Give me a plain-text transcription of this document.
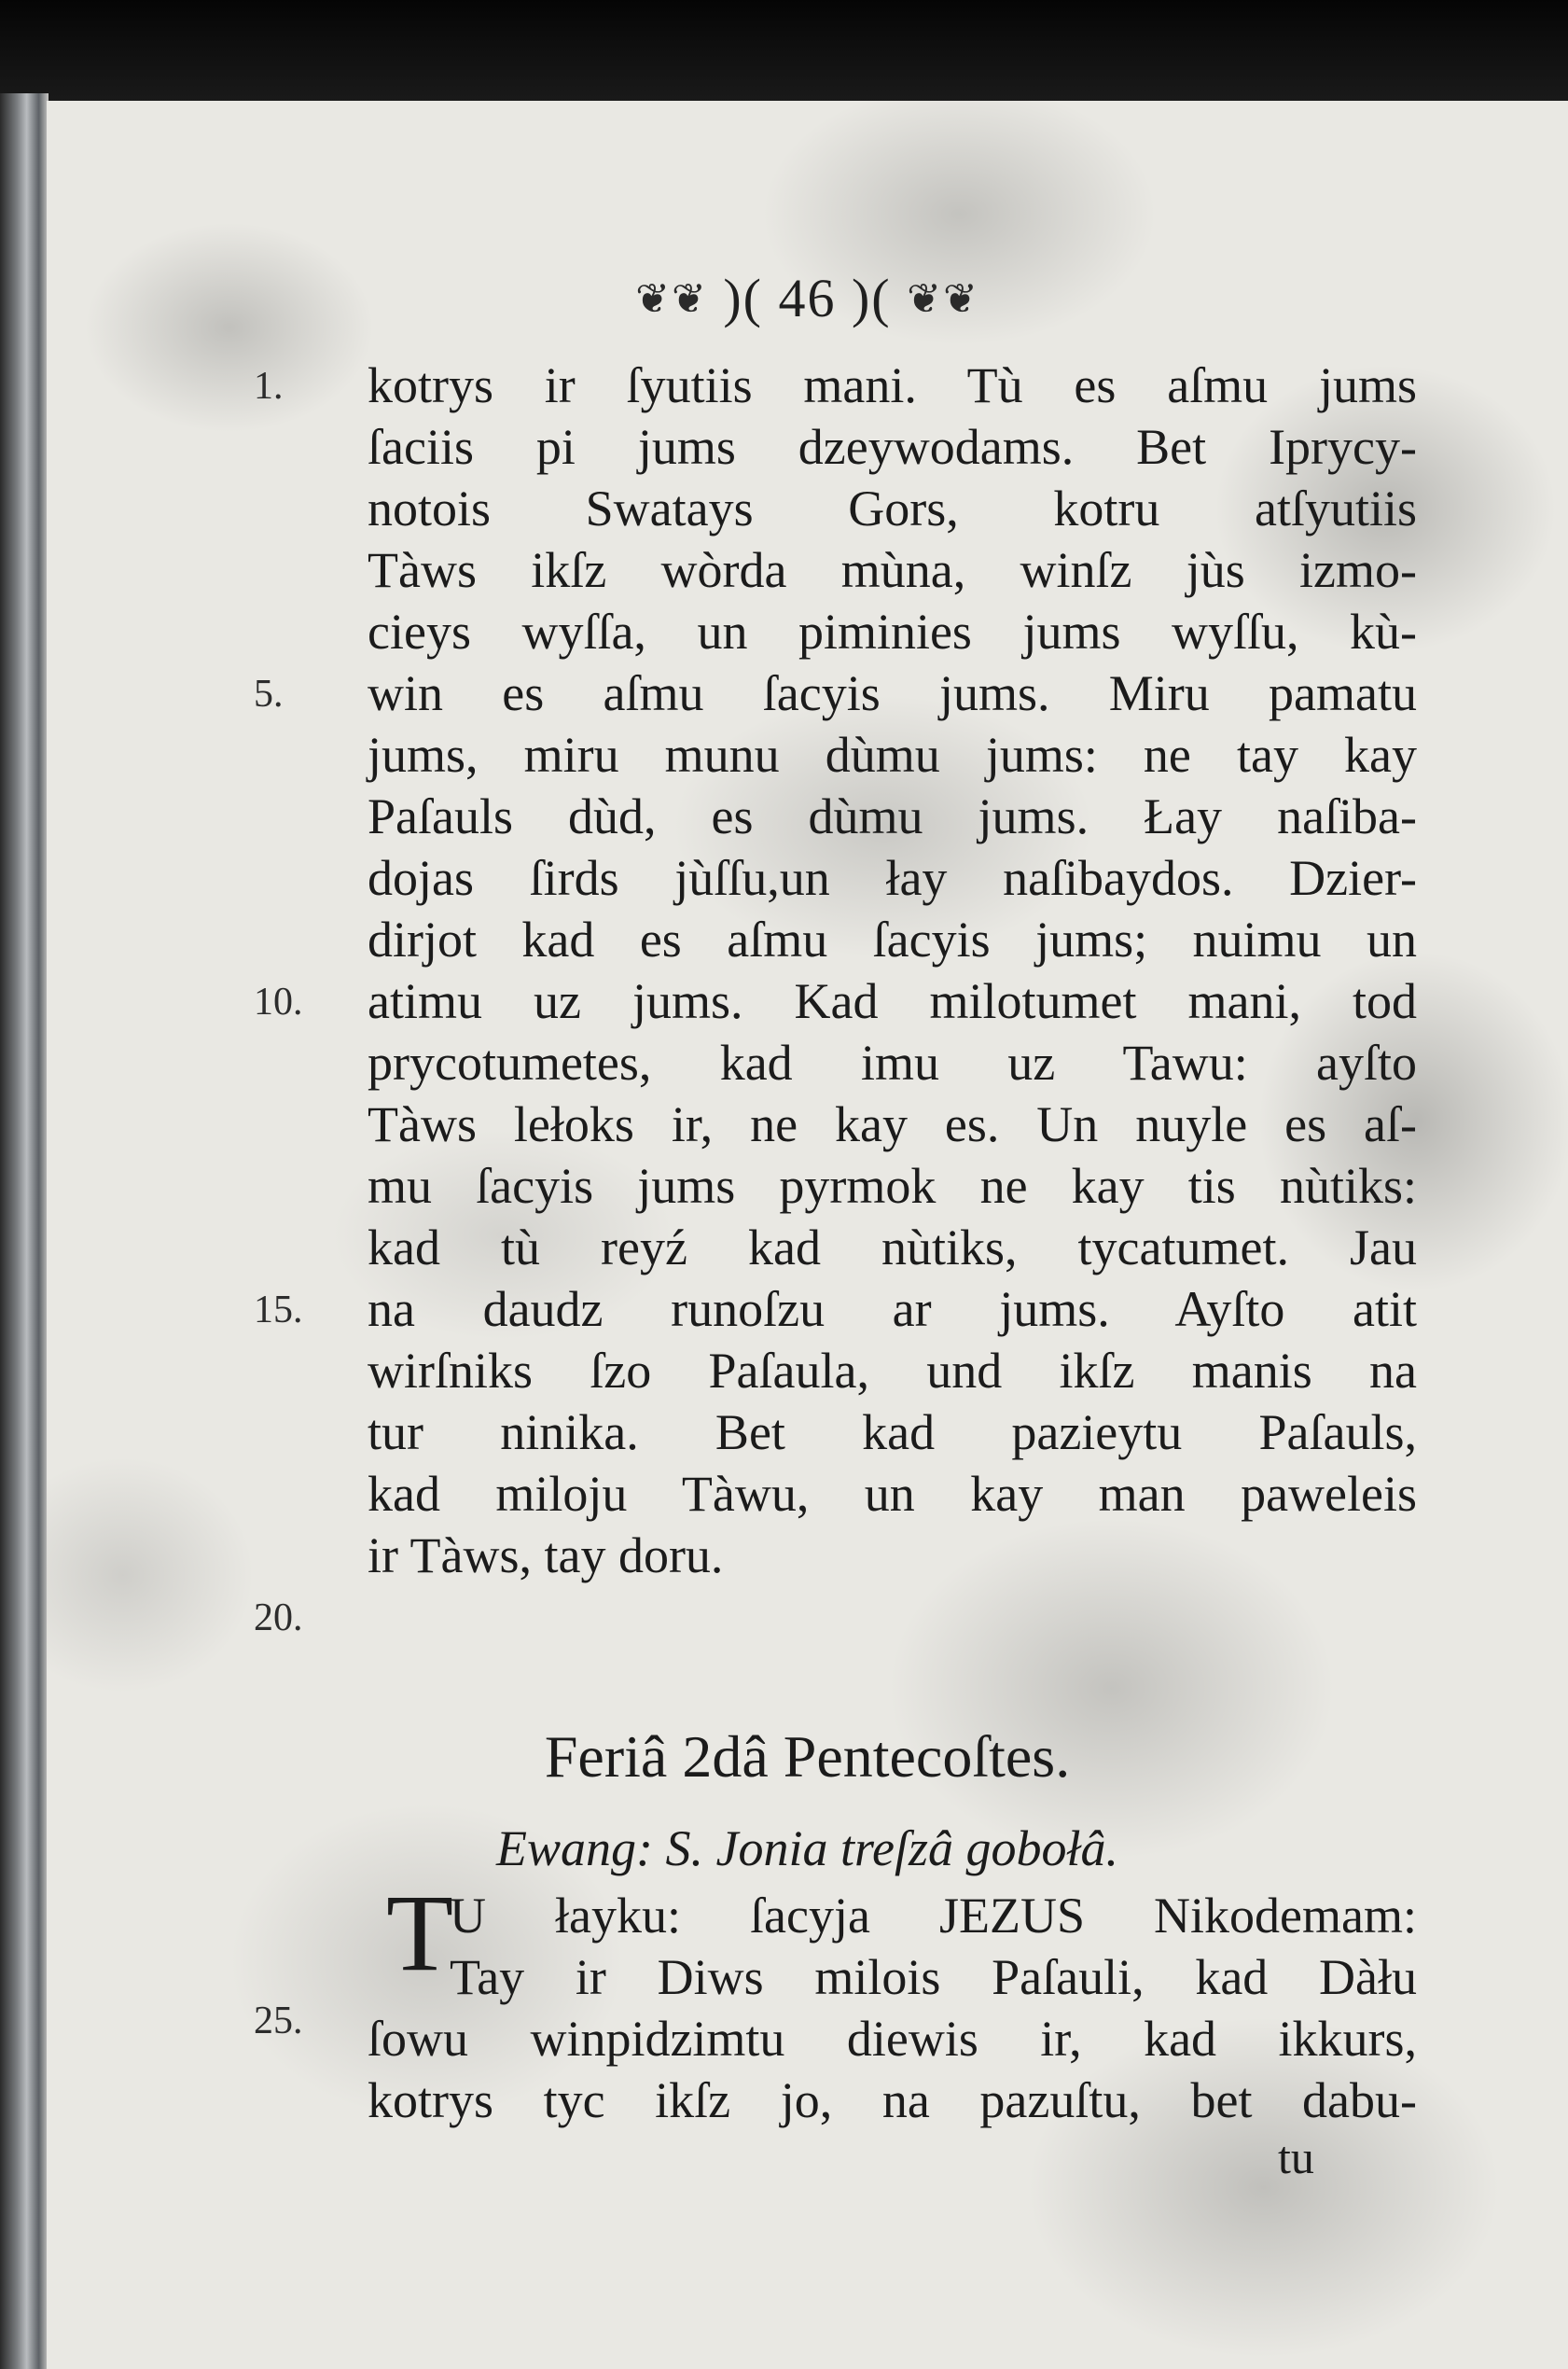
❦❦ )( 46 )( ❦❦
1.
5.
10.
15.
20.
25.
kotrys ir ſyutiis mani. Tù es aſmu jums
ſaciis pi jums dzeywodams. Bet Iprycy-
notois Swatays Gors, kotru atſyutiis
Tàws ikſz wòrda mùna, winſz jùs izmo-
cieys wyſſa, un piminies jums wyſſu, kù-
win es aſmu ſacyis jums. Miru pamatu
jums, miru munu dùmu jums: ne tay kay
Paſauls dùd, es dùmu jums. Łay naſiba-
dojas ſirds jùſſu,un łay naſibaydos. Dzier-
dirjot kad es aſmu ſacyis jums; nuimu un
atimu uz jums. Kad milotumet mani, tod
prycotumetes, kad imu uz Tawu: ayſto
Tàws lełoks ir, ne kay es. Un nuyle es aſ-
mu ſacyis jums pyrmok ne kay tis nùtiks:
kad tù reyź kad nùtiks, tycatumet. Jau
na daudz runoſzu ar jums. Ayſto atit
wirſniks ſzo Paſaula, und ikſz manis na
tur ninika. Bet kad pazieytu Paſauls,
kad miloju Tàwu, un kay man paweleis
ir Tàws, tay doru.
Feriâ 2dâ Pentecoſtes.
Ewang: S. Jonia treſzâ gobołâ.
T
U łayku: ſacyja JEZUS Nikodemam:
Tay ir Diws milois Paſauli, kad Dàłu
ſowu winpidzimtu diewis ir, kad ikkurs,
kotrys tyc ikſz jo, na pazuſtu, bet dabu-
tu
